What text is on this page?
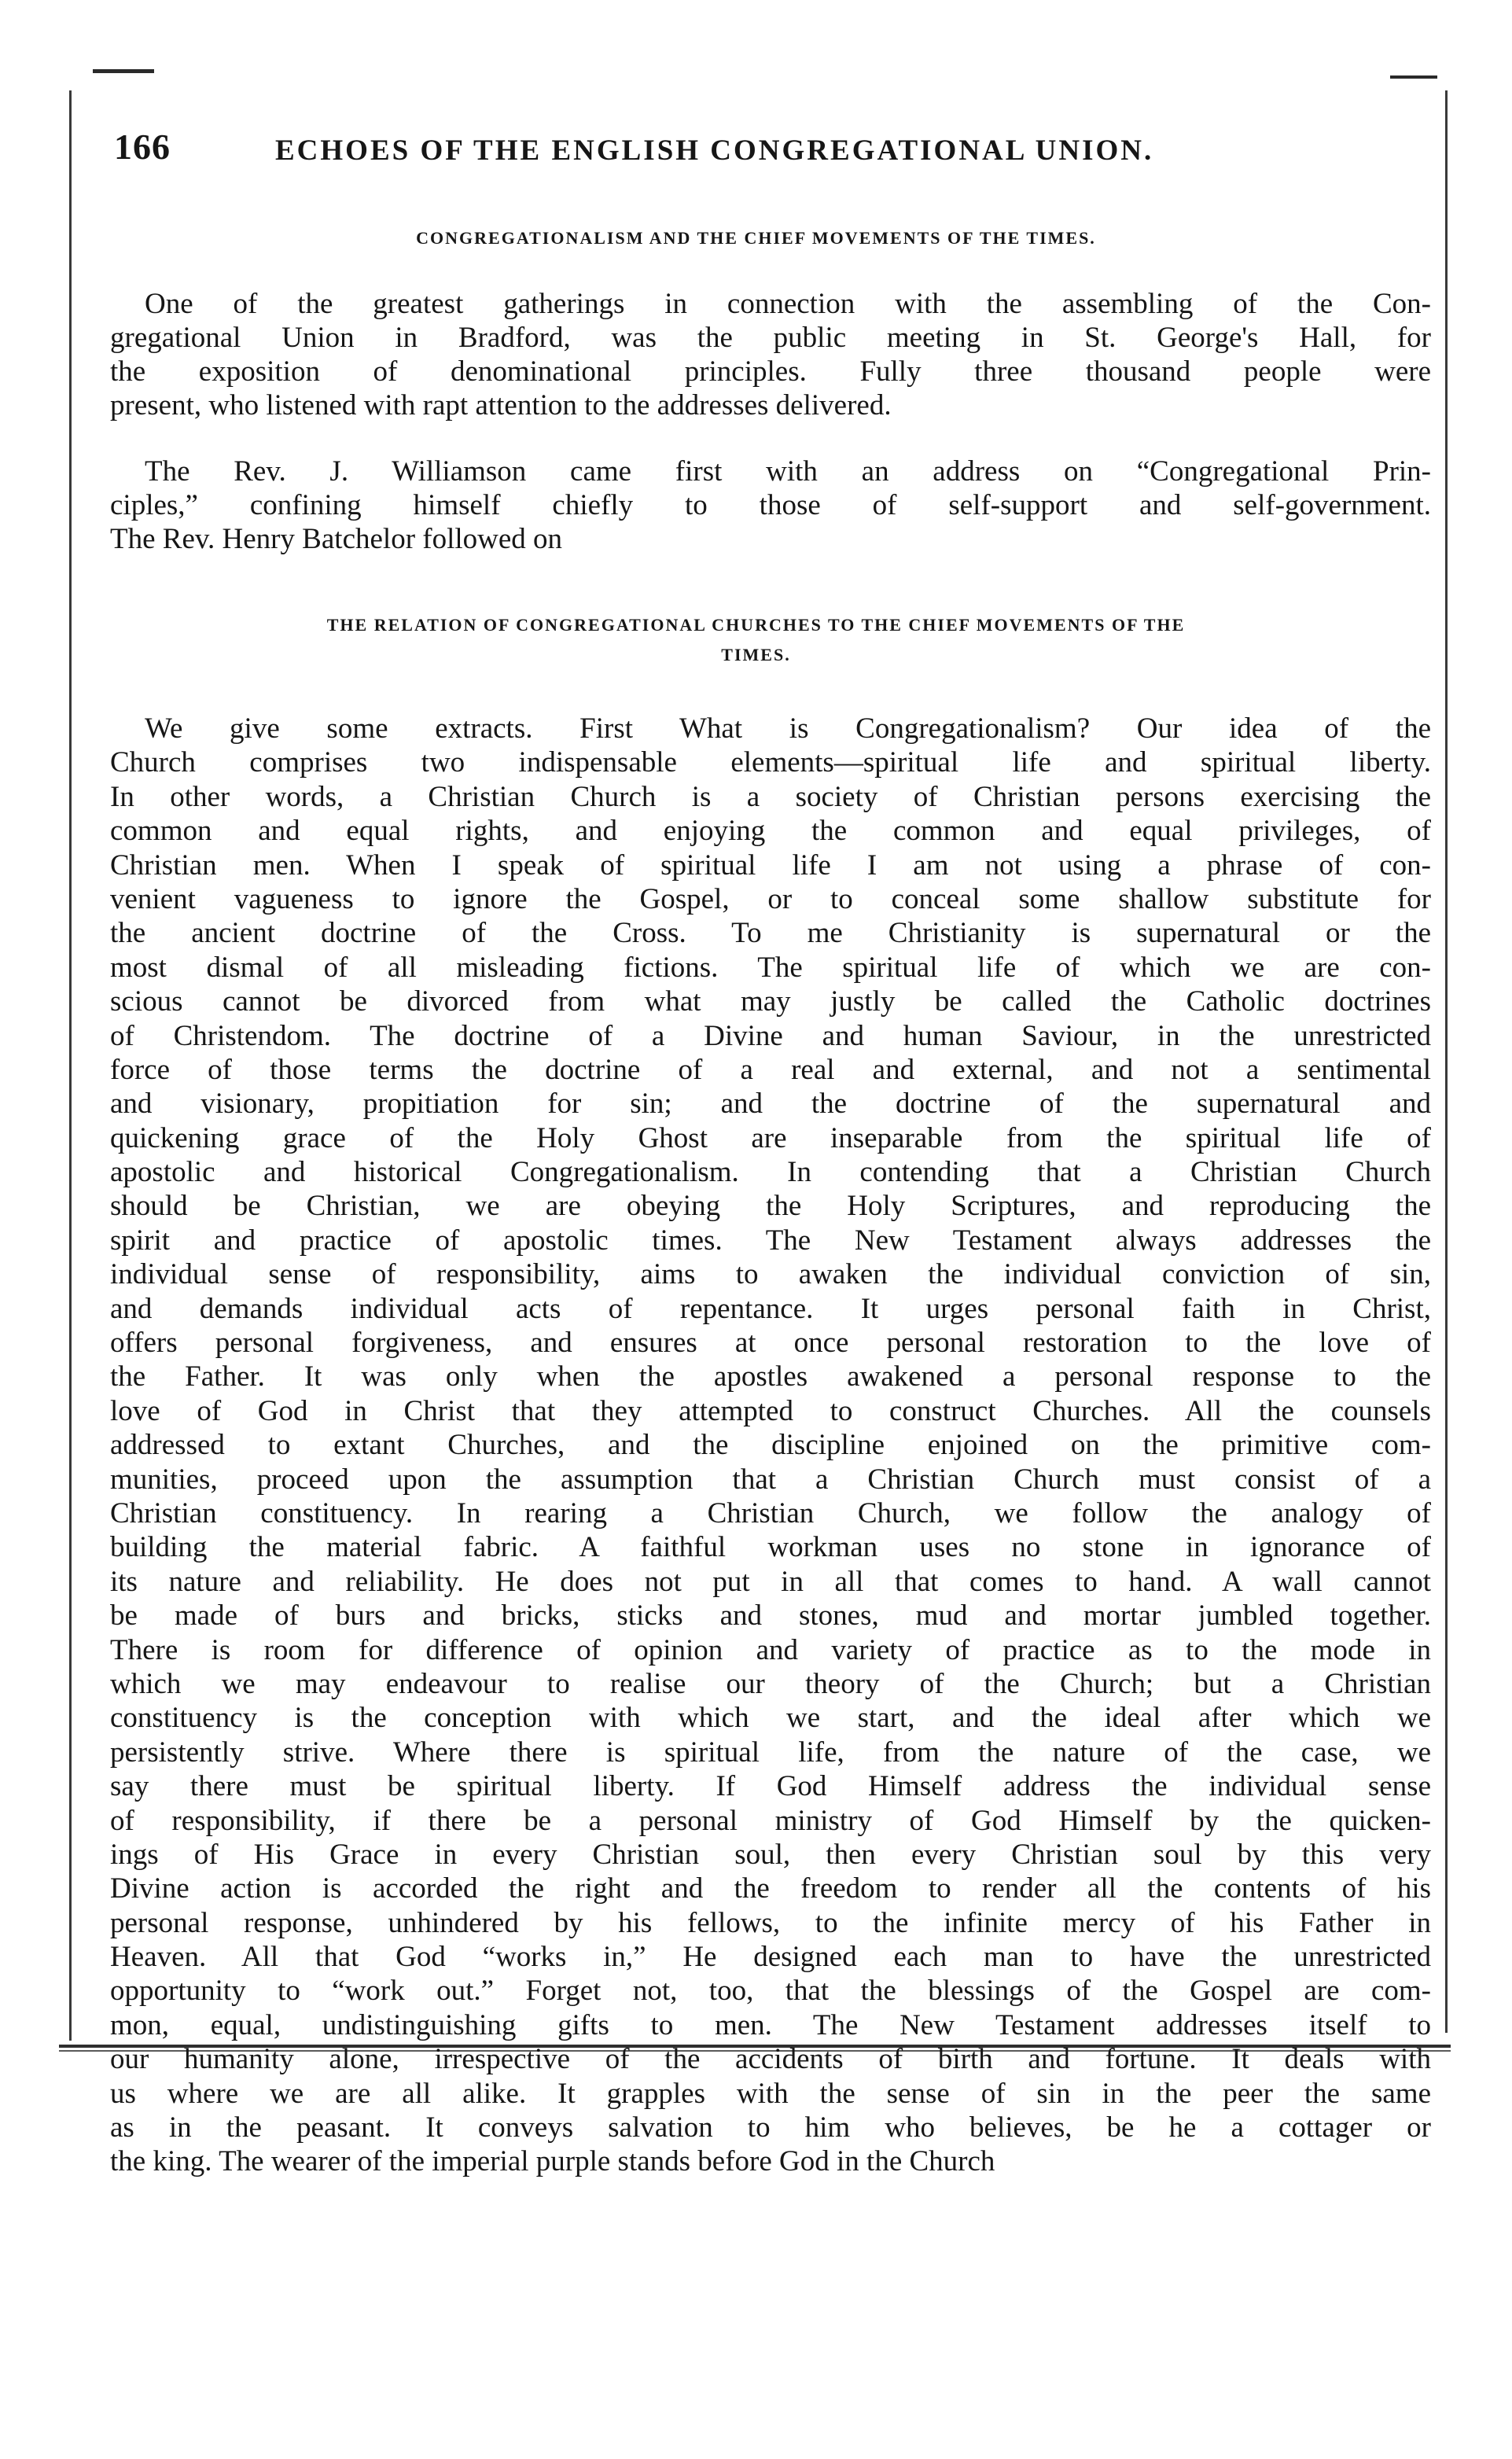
166	ECHOES OF THE ENGLISH CONGREGATIONAL UNION.
CONGREGATIONALISM AND THE CHIEF MOVEMENTS OF THE TIMES.
One of the greatest gatherings in connection with the assembling of the Con-
gregational Union in Bradford, was the public meeting in St. George's Hall, for
the exposition of denominational principles. Fully three thousand people were
present, who listened with rapt attention to the addresses delivered.
The Rev. J. Williamson came first with an address on “Congregational Prin-
ciples,” confining himself chiefly to those of self-support and self-government.
The Rev. Henry Batchelor followed on
THE RELATION OF CONGREGATIONAL CHURCHES TO THE CHIEF MOVEMENTS OF THE
TIMES.
We give some extracts. First What is Congregationalism? Our idea of the
Church comprises two indispensable elements—spiritual life and spiritual liberty.
In other words, a Christian Church is a society of Christian persons exercising the
common and equal rights, and enjoying the common and equal privileges, of
Christian men. When I speak of spiritual life I am not using a phrase of con-
venient vagueness to ignore the Gospel, or to conceal some shallow substitute for
the ancient doctrine of the Cross. To me Christianity is supernatural or the
most dismal of all misleading fictions. The spiritual life of which we are con-
scious cannot be divorced from what may justly be called the Catholic doctrines
of Christendom. The doctrine of a Divine and human Saviour, in the unrestricted
force of those terms the doctrine of a real and external, and not a sentimental
and visionary, propitiation for sin; and the doctrine of the supernatural and
quickening grace of the Holy Ghost are inseparable from the spiritual life of
apostolic and historical Congregationalism. In contending that a Christian Church
should be Christian, we are obeying the Holy Scriptures, and reproducing the
spirit and practice of apostolic times. The New Testament always addresses the
individual sense of responsibility, aims to awaken the individual conviction of sin,
and demands individual acts of repentance. It urges personal faith in Christ,
offers personal forgiveness, and ensures at once personal restoration to the love of
the Father. It was only when the apostles awakened a personal response to the
love of God in Christ that they attempted to construct Churches. All the counsels
addressed to extant Churches, and the discipline enjoined on the primitive com-
munities, proceed upon the assumption that a Christian Church must consist of a
Christian constituency. In rearing a Christian Church, we follow the analogy of
building the material fabric. A faithful workman uses no stone in ignorance of
its nature and reliability. He does not put in all that comes to hand. A wall cannot
be made of burs and bricks, sticks and stones, mud and mortar jumbled together.
There is room for difference of opinion and variety of practice as to the mode in
which we may endeavour to realise our theory of the Church; but a Christian
constituency is the conception with which we start, and the ideal after which we
persistently strive. Where there is spiritual life, from the nature of the case, we
say there must be spiritual liberty. If God Himself address the individual sense
of responsibility, if there be a personal ministry of God Himself by the quicken-
ings of His Grace in every Christian soul, then every Christian soul by this very
Divine action is accorded the right and the freedom to render all the contents of his
personal response, unhindered by his fellows, to the infinite mercy of his Father in
Heaven. All that God “works in,” He designed each man to have the unrestricted
opportunity to “work out.” Forget not, too, that the blessings of the Gospel are com-
mon, equal, undistinguishing gifts to men. The New Testament addresses itself to
our humanity alone, irrespective of the accidents of birth and fortune. It deals with
us where we are all alike. It grapples with the sense of sin in the peer the same
as in the peasant. It conveys salvation to him who believes, be he a cottager or
the king. The wearer of the imperial purple stands before God in the Church
